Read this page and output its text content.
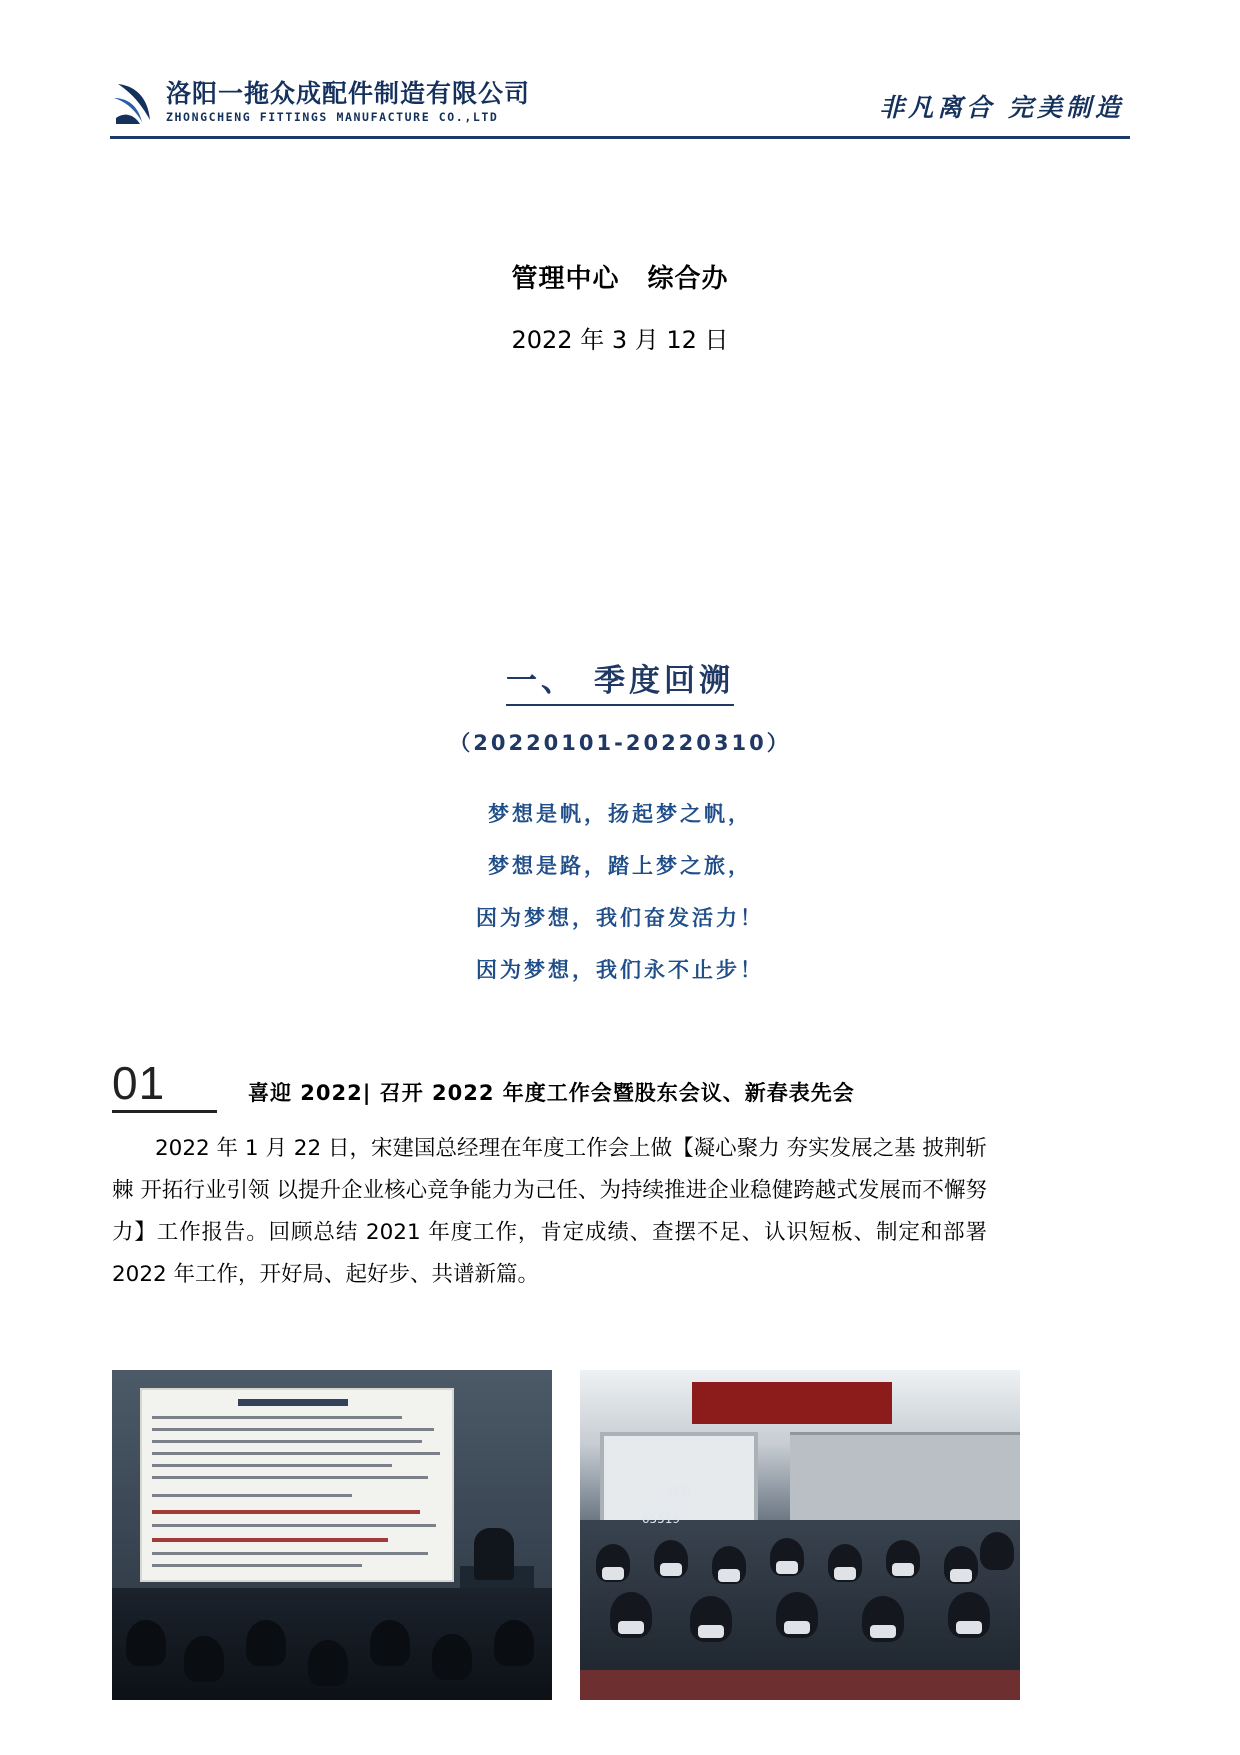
洛阳一拖众成配件制造有限公司
ZHONGCHENG FITTINGS MANUFACTURE CO.,LTD	非凡离合 完美制造
管理中心 综合办
2022 年 3 月 12 日
一、 季度回溯
（20220101-20220310）
梦想是帆，扬起梦之帆，
梦想是路，踏上梦之旅，
因为梦想，我们奋发活力！
因为梦想，我们永不止步！
01	喜迎 2022| 召开 2022 年度工作会暨股东会议、新春表先会
2022 年 1 月 22 日，宋建国总经理在年度工作会上做【凝心聚力 夯实发展之基 披荆斩棘 开拓行业引领 以提升企业核心竞争能力为己任、为持续推进企业稳健跨越式发展而不懈努力】工作报告。回顾总结 2021 年度工作，肯定成绩、查摆不足、认识短板、制定和部署 2022 年工作，开好局、起好步、共谱新篇。
传真
65519
